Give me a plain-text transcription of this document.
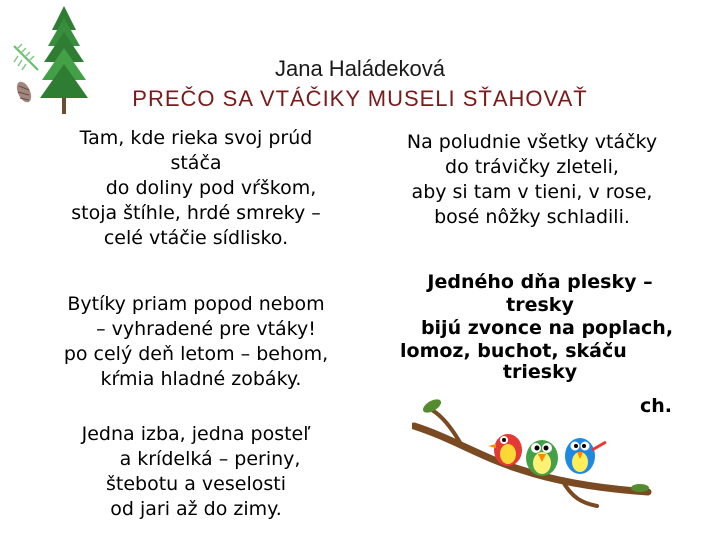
Jana Haládeková
PREČO SA VTÁČIKY MUSELI SŤAHOVAŤ
Tam, kde rieka svoj prúd
stáča
do doliny pod vŕškom,
stoja štíhle, hrdé smreky –
celé vtáčie sídlisko.
Bytíky priam popod nebom
– vyhradené pre vtáky!
po celý deň letom – behom,
kŕmia hladné zobáky.
Jedna izba, jedna posteľ
a krídelká – periny,
štebotu a veselosti
od jari až do zimy.
Na poludnie všetky vtáčky
do trávičky zleteli,
aby si tam v tieni, v rose,
bosé nôžky schladili.
Jedného dňa plesky –
tresky
bijú zvonce na poplach,
lomoz, buchot, skáču
triesky
ch.
